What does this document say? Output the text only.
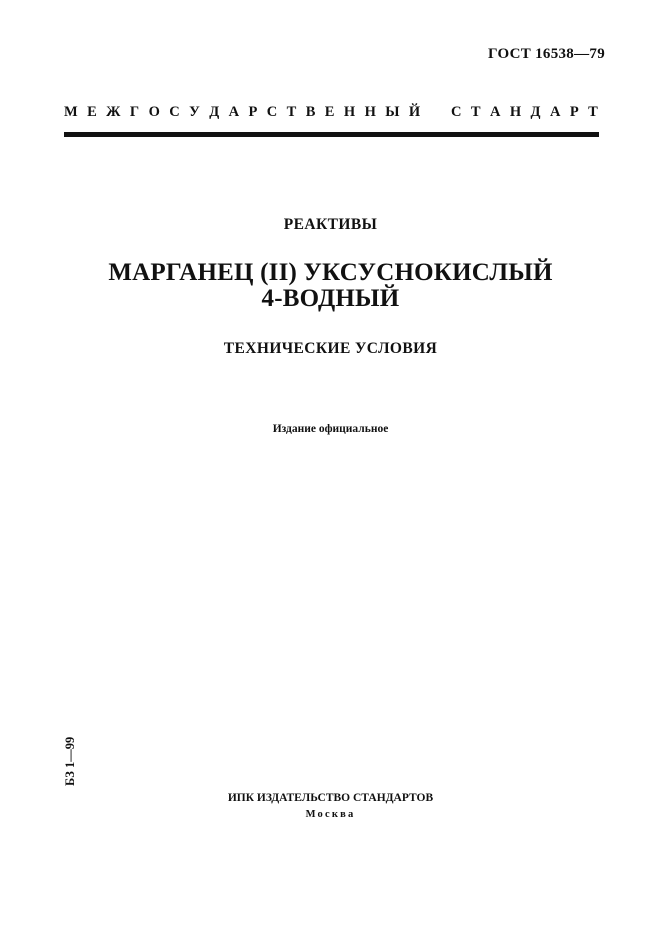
ГОСТ 16538—79
М Е Ж Г О С У Д А Р С Т В Е Н Н Ы Й С Т А Н Д А Р Т
РЕАКТИВЫ
МАРГАНЕЦ (II) УКСУСНОКИСЛЫЙ
4-ВОДНЫЙ
ТЕХНИЧЕСКИЕ УСЛОВИЯ
Издание официальное
БЗ 1—99
ИПК ИЗДАТЕЛЬСТВО СТАНДАРТОВ
Москва
